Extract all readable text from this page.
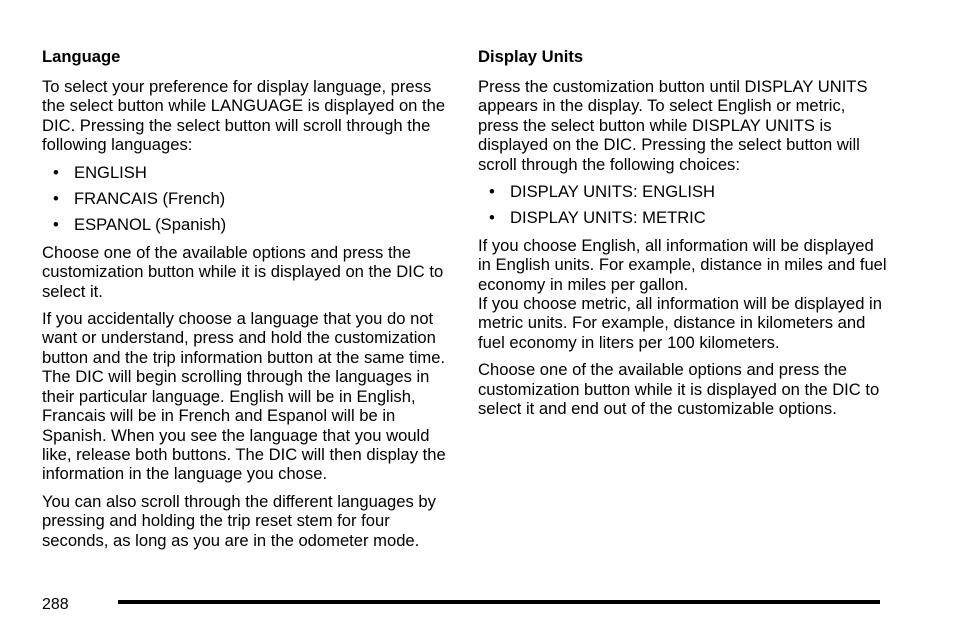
Language

To select your preference for display language, press the select button while LANGUAGE is displayed on the DIC. Pressing the select button will scroll through the following languages:

• ENGLISH
• FRANCAIS (French)
• ESPANOL (Spanish)

Choose one of the available options and press the customization button while it is displayed on the DIC to select it.

If you accidentally choose a language that you do not want or understand, press and hold the customization button and the trip information button at the same time. The DIC will begin scrolling through the languages in their particular language. English will be in English, Francais will be in French and Espanol will be in Spanish. When you see the language that you would like, release both buttons. The DIC will then display the information in the language you chose.

You can also scroll through the different languages by pressing and holding the trip reset stem for four seconds, as long as you are in the odometer mode.

Display Units

Press the customization button until DISPLAY UNITS appears in the display. To select English or metric, press the select button while DISPLAY UNITS is displayed on the DIC. Pressing the select button will scroll through the following choices:

• DISPLAY UNITS: ENGLISH
• DISPLAY UNITS: METRIC

If you choose English, all information will be displayed in English units. For example, distance in miles and fuel economy in miles per gallon.

If you choose metric, all information will be displayed in metric units. For example, distance in kilometers and fuel economy in liters per 100 kilometers.

Choose one of the available options and press the customization button while it is displayed on the DIC to select it and end out of the customizable options.

288
